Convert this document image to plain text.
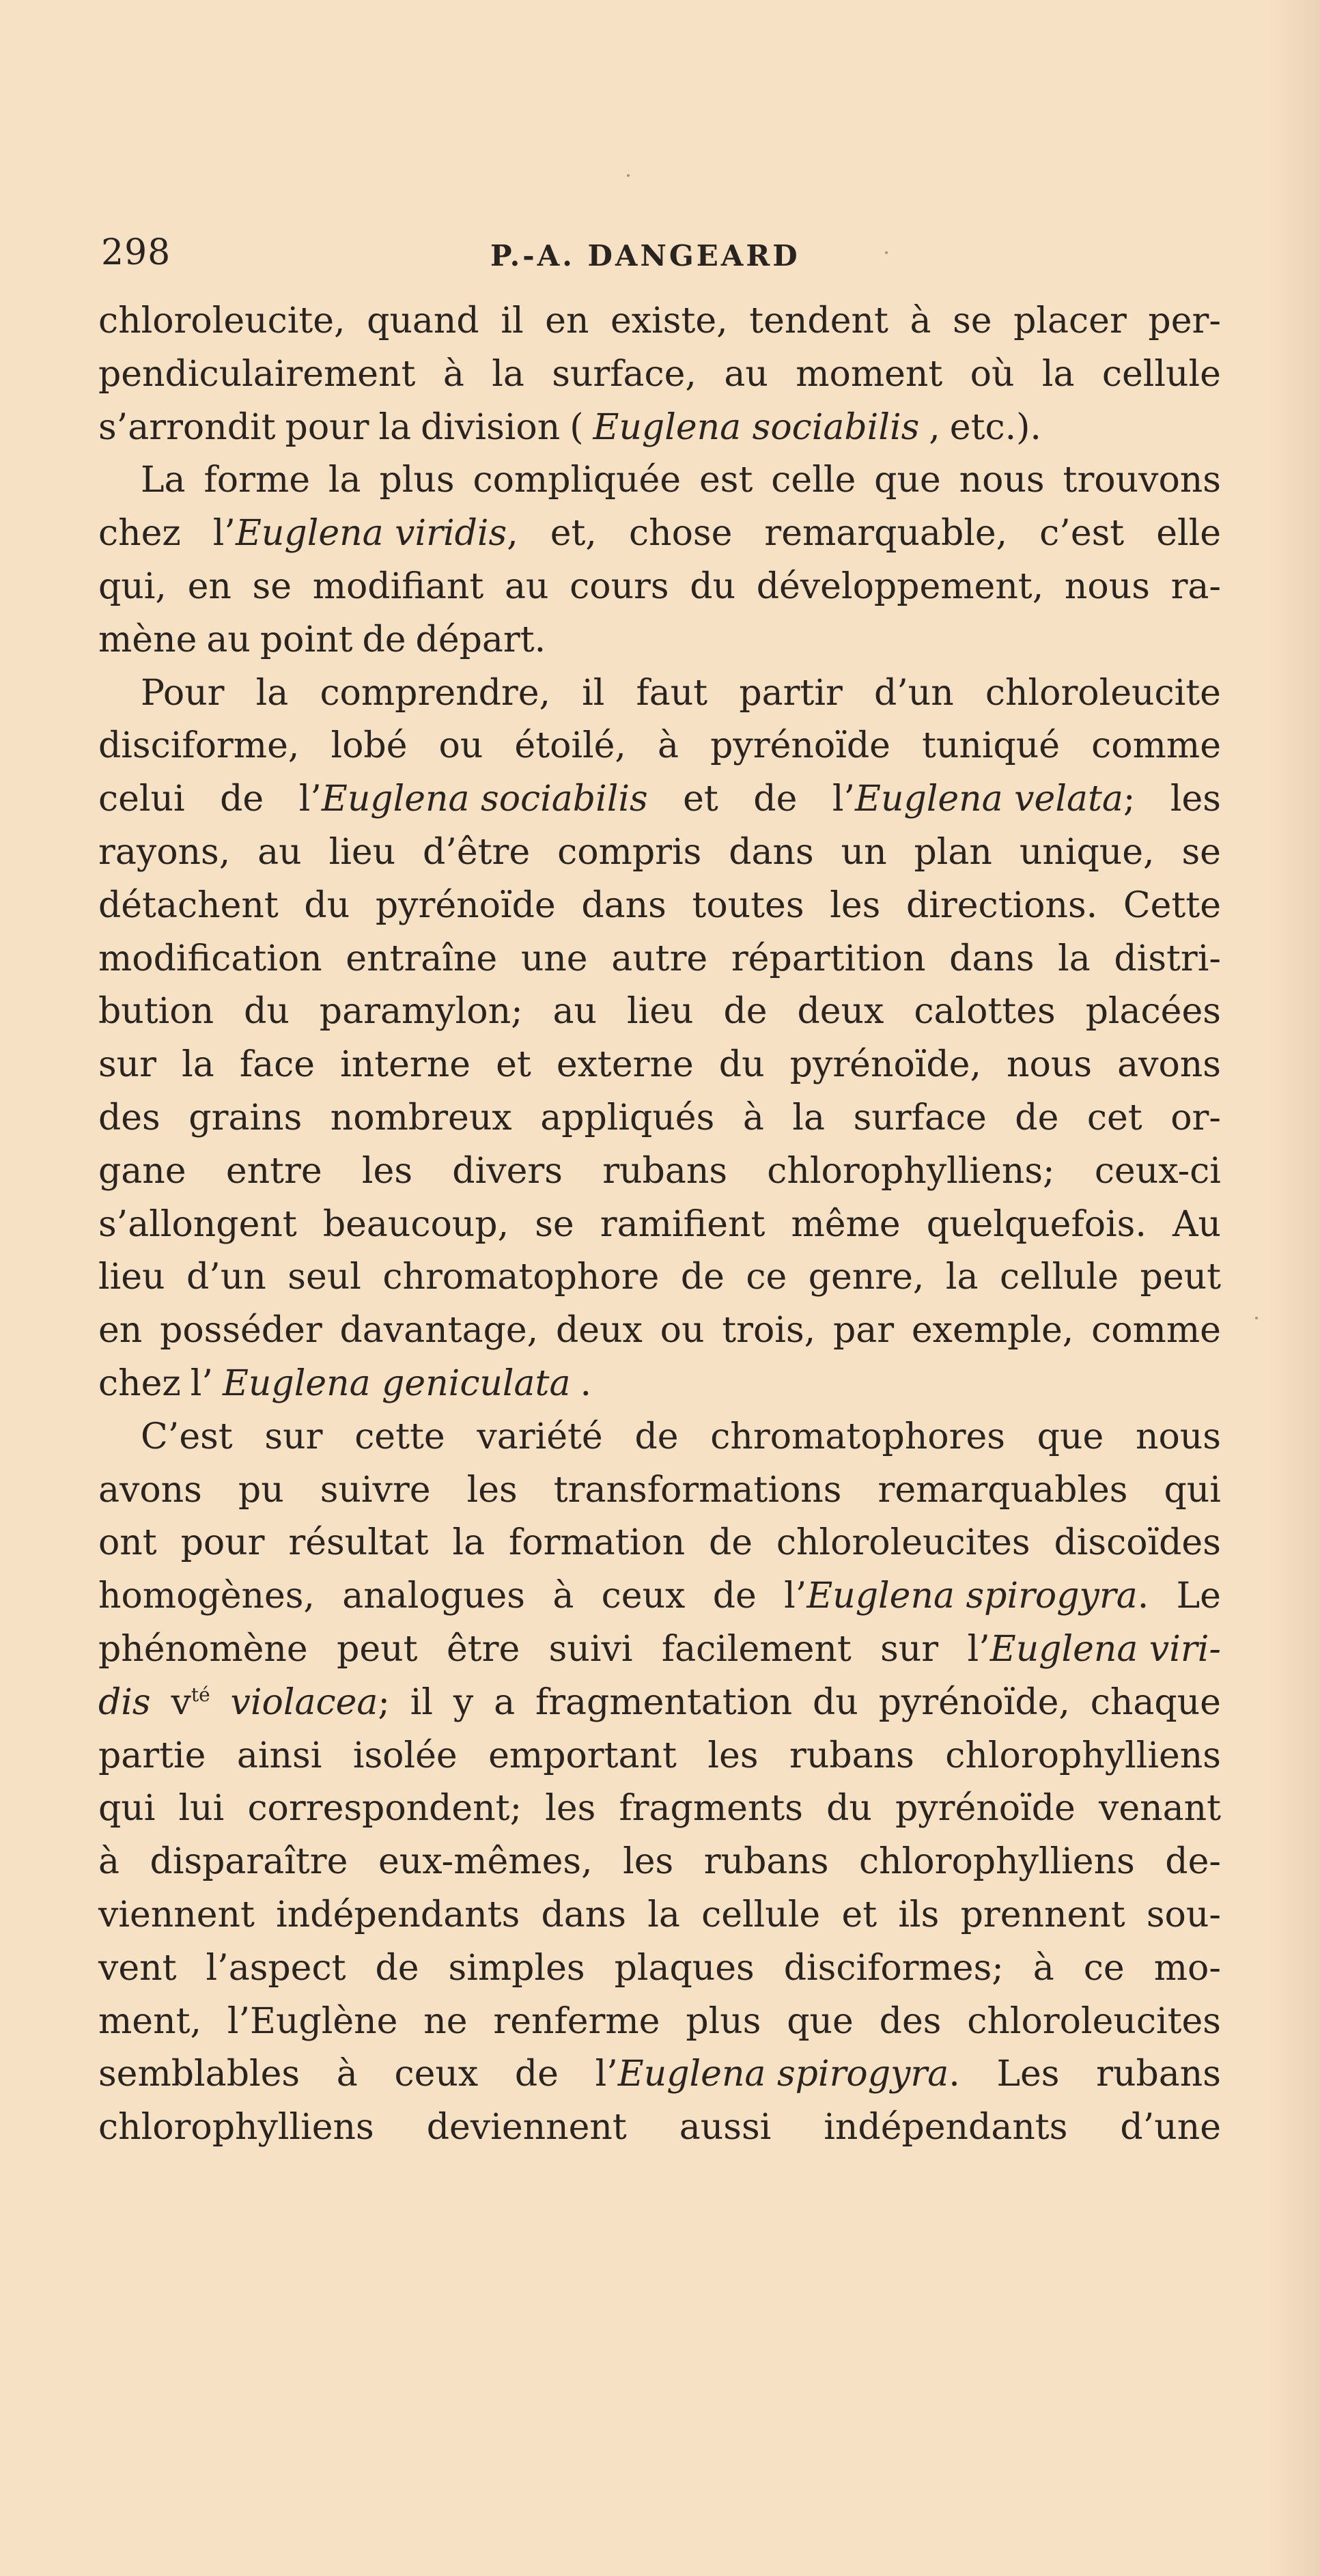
298	P.-A. DANGEARD
chloroleucite, quand il en existe, tendent à se placer per-
pendiculairement à la surface, au moment où la cellule
s’arrondit pour la division ( Euglena sociabilis , etc.).
La forme la plus compliquée est celle que nous trouvons
chez l’Euglena viridis, et, chose remarquable, c’est elle
qui, en se modifiant au cours du développement, nous ra-
mène au point de départ.
Pour la comprendre, il faut partir d’un chloroleucite
disciforme, lobé ou étoilé, à pyrénoïde tuniqué comme
celui de l’Euglena sociabilis et de l’Euglena velata; les
rayons, au lieu d’être compris dans un plan unique, se
détachent du pyrénoïde dans toutes les directions. Cette
modification entraîne une autre répartition dans la distri-
bution du paramylon; au lieu de deux calottes placées
sur la face interne et externe du pyrénoïde, nous avons
des grains nombreux appliqués à la surface de cet or-
gane entre les divers rubans chlorophylliens; ceux-ci
s’allongent beaucoup, se ramifient même quelquefois. Au
lieu d’un seul chromatophore de ce genre, la cellule peut
en posséder davantage, deux ou trois, par exemple, comme
chez l’ Euglena geniculata .
C’est sur cette variété de chromatophores que nous
avons pu suivre les transformations remarquables qui
ont pour résultat la formation de chloroleucites discoïdes
homogènes, analogues à ceux de l’Euglena spirogyra. Le
phénomène peut être suivi facilement sur l’Euglena viri-
dis vté violacea; il y a fragmentation du pyrénoïde, chaque
partie ainsi isolée emportant les rubans chlorophylliens
qui lui correspondent; les fragments du pyrénoïde venant
à disparaître eux-mêmes, les rubans chlorophylliens de-
viennent indépendants dans la cellule et ils prennent sou-
vent l’aspect de simples plaques disciformes; à ce mo-
ment, l’Euglène ne renferme plus que des chloroleucites
semblables à ceux de l’Euglena spirogyra. Les rubans
chlorophylliens deviennent aussi indépendants d’une
